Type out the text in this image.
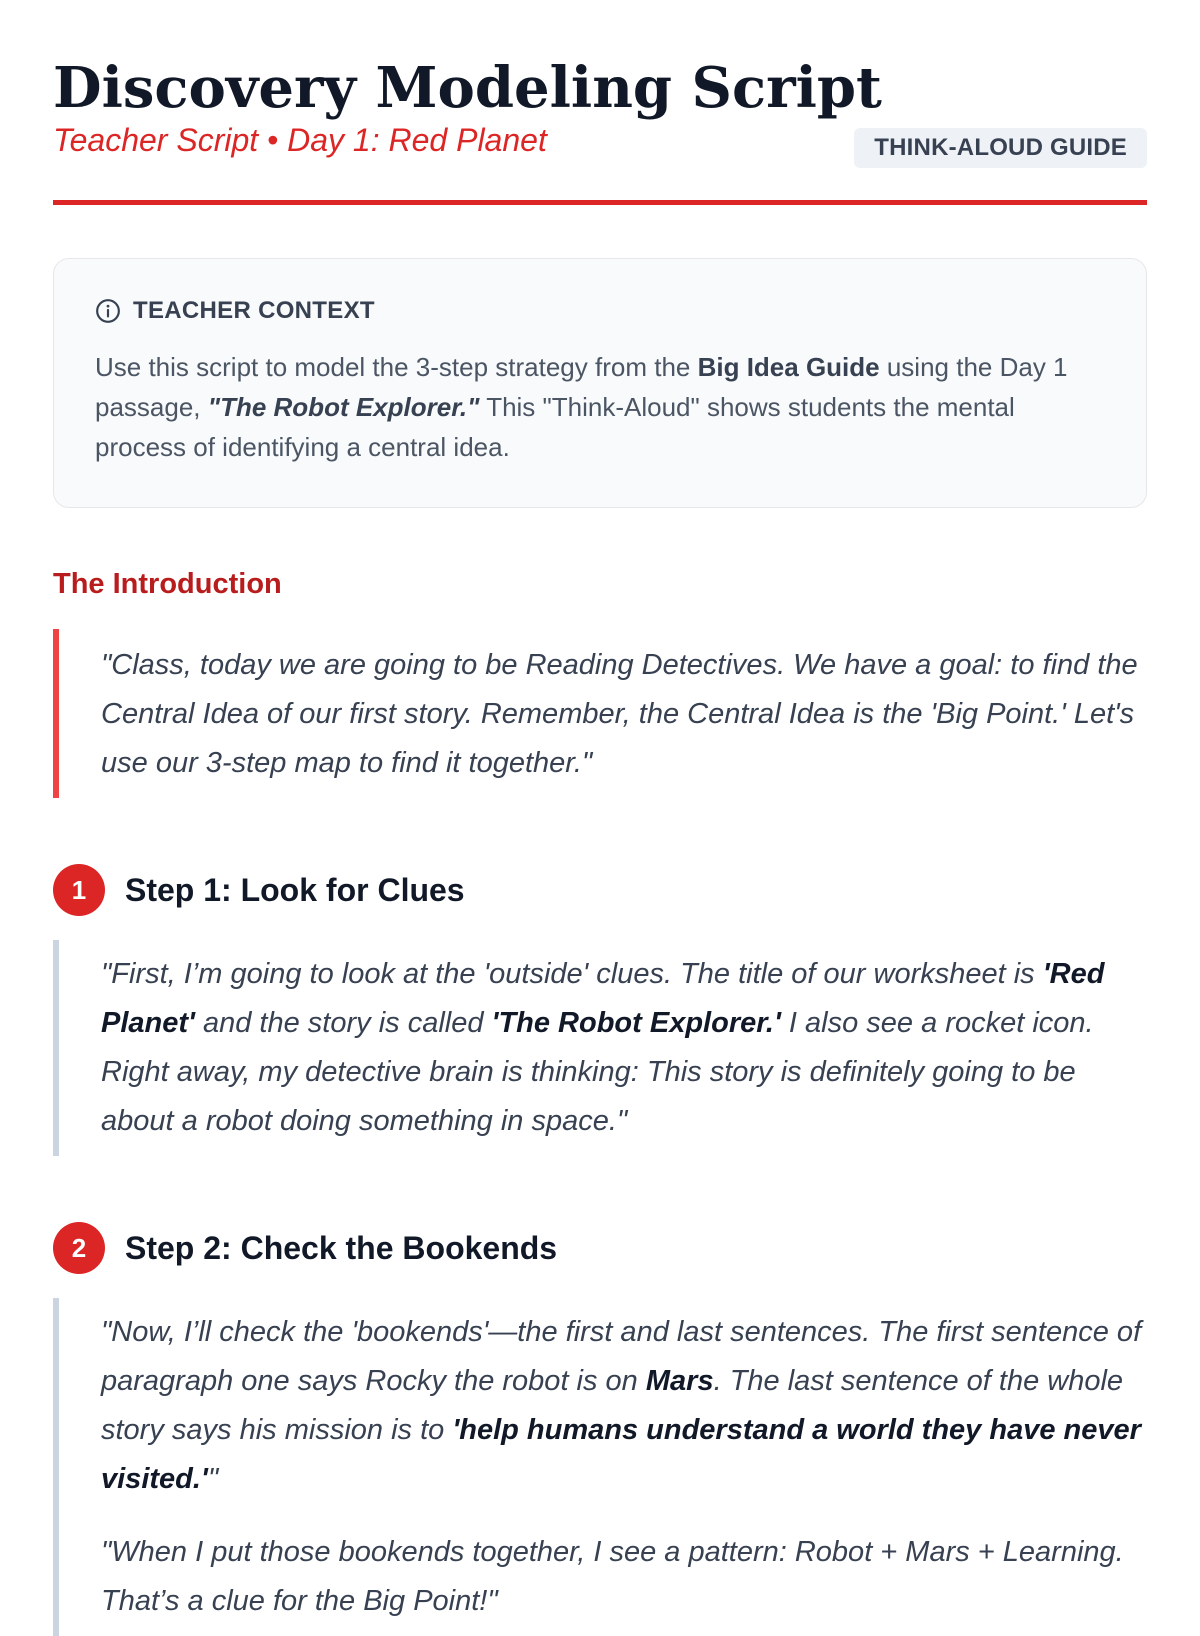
Discovery Modeling Script
Teacher Script • Day 1: Red Planet	THINK-ALOUD GUIDE
TEACHER CONTEXT
Use this script to model the 3-step strategy from the Big Idea Guide using the Day 1 passage, "The Robot Explorer." This "Think-Aloud" shows students the mental process of identifying a central idea.
The Introduction
"Class, today we are going to be Reading Detectives. We have a goal: to find the Central Idea of our first story. Remember, the Central Idea is the 'Big Point.' Let's use our 3-step map to find it together."
1	Step 1: Look for Clues

"First, I’m going to look at the 'outside' clues. The title of our worksheet is 'Red Planet' and the story is called 'The Robot Explorer.' I also see a rocket icon. Right away, my detective brain is thinking: This story is definitely going to be about a robot doing something in space."

2	Step 2: Check the Bookends

"Now, I’ll check the 'bookends'—the first and last sentences. The first sentence of paragraph one says Rocky the robot is on Mars. The last sentence of the whole story says his mission is to 'help humans understand a world they have never visited.'"

"When I put those bookends together, I see a pattern: Robot + Mars + Learning. That’s a clue for the Big Point!"
